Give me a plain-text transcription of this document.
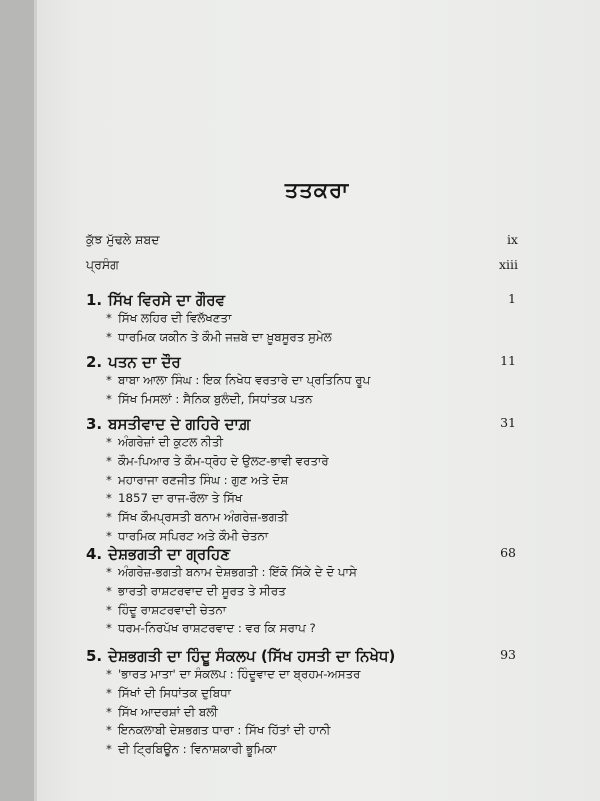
ਤਤਕਰਾ
ਕੁੱਝ ਮੁੱਢਲੇ ਸ਼ਬਦ	ix
ਪ੍ਰਸੰਗ	xiii
1. ਸਿੱਖ ਵਿਰਸੇ ਦਾ ਗੌਰਵ	1
* ਸਿੱਖ ਲਹਿਰ ਦੀ ਵਿਲੱਖਣਤਾ
* ਧਾਰਮਿਕ ਯਕੀਨ ਤੇ ਕੌਮੀ ਜਜ਼ਬੇ ਦਾ ਖ਼ੂਬਸੂਰਤ ਸੁਮੇਲ
2. ਪਤਨ ਦਾ ਦੌਰ	11
* ਬਾਬਾ ਆਲਾ ਸਿੰਘ : ਇਕ ਨਿਖੇਧ ਵਰਤਾਰੇ ਦਾ ਪ੍ਰਤਿਨਿਧ ਰੂਪ
* ਸਿੱਖ ਮਿਸਲਾਂ : ਸੈਨਿਕ ਬੁਲੰਦੀ, ਸਿਧਾਂਤਕ ਪਤਨ
3. ਬਸਤੀਵਾਦ ਦੇ ਗਹਿਰੇ ਦਾਗ਼	31
* ਅੰਗਰੇਜ਼ਾਂ ਦੀ ਕੁਟਲ ਨੀਤੀ
* ਕੌਮ-ਪਿਆਰ ਤੇ ਕੌਮ-ਧ੍ਰੋਹ ਦੇ ਉਲਟ-ਭਾਵੀ ਵਰਤਾਰੇ
* ਮਹਾਰਾਜਾ ਰਣਜੀਤ ਸਿੰਘ : ਗੁਣ ਅਤੇ ਦੋਸ਼
* 1857 ਦਾ ਰਾਜ-ਰੌਲਾ ਤੇ ਸਿੱਖ
* ਸਿੱਖ ਕੌਮਪ੍ਰਸਤੀ ਬਨਾਮ ਅੰਗਰੇਜ਼-ਭਗਤੀ
* ਧਾਰਮਿਕ ਸਪਿਰਟ ਅਤੇ ਕੌਮੀ ਚੇਤਨਾ
4. ਦੇਸ਼ਭਗਤੀ ਦਾ ਗ੍ਰਹਿਣ	68
* ਅੰਗਰੇਜ਼-ਭਗਤੀ ਬਨਾਮ ਦੇਸ਼ਭਗਤੀ : ਇੱਕੋ ਸਿੱਕੇ ਦੇ ਦੋ ਪਾਸੇ
* ਭਾਰਤੀ ਰਾਸ਼ਟਰਵਾਦ ਦੀ ਸੂਰਤ ਤੇ ਸੀਰਤ
* ਹਿੰਦੂ ਰਾਸ਼ਟਰਵਾਦੀ ਚੇਤਨਾ
* ਧਰਮ-ਨਿਰਪੱਖ ਰਾਸ਼ਟਰਵਾਦ : ਵਰ ਕਿ ਸਰਾਪ ?
5. ਦੇਸ਼ਭਗਤੀ ਦਾ ਹਿੰਦੂ ਸੰਕਲਪ (ਸਿੱਖ ਹਸਤੀ ਦਾ ਨਿਖੇਧ)	93
* 'ਭਾਰਤ ਮਾਤਾ' ਦਾ ਸੰਕਲਪ : ਹਿੰਦੂਵਾਦ ਦਾ ਬ੍ਰਹਮ-ਅਸਤਰ
* ਸਿੱਖਾਂ ਦੀ ਸਿਧਾਂਤਕ ਦੁਬਿਧਾ
* ਸਿੱਖ ਆਦਰਸ਼ਾਂ ਦੀ ਬਲੀ
* ਇਨਕਲਾਬੀ ਦੇਸ਼ਭਗਤ ਧਾਰਾ : ਸਿੱਖ ਹਿੱਤਾਂ ਦੀ ਹਾਨੀ
* ਦੀ ਟ੍ਰਿਬਿਊਨ : ਵਿਨਾਸ਼ਕਾਰੀ ਭੂਮਿਕਾ
